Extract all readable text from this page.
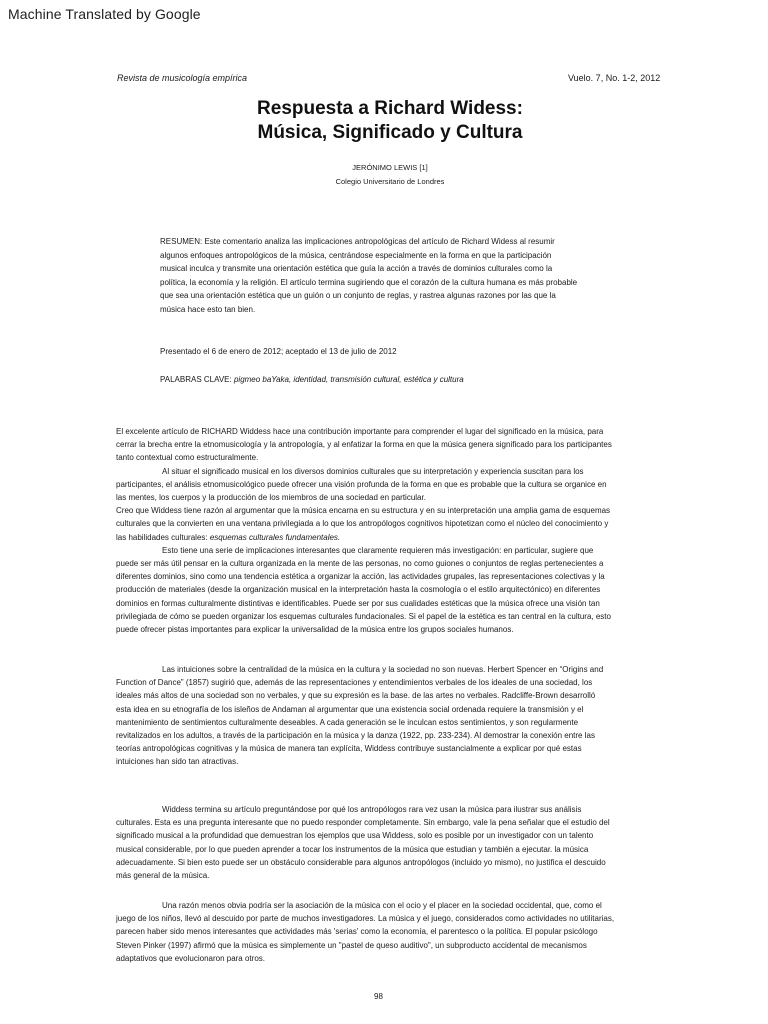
Machine Translated by Google
Revista de musicología empírica	Vuelo. 7, No. 1-2, 2012
Respuesta a Richard Widess:
Música, Significado y Cultura
JERÓNIMO LEWIS [1]
Colegio Universitario de Londres
RESUMEN: Este comentario analiza las implicaciones antropológicas del artículo de Richard Widess al resumir
algunos enfoques antropológicos de la música, centrándose especialmente en la forma en que la participación
musical inculca y transmite una orientación estética que guía la acción a través de dominios culturales como la
política, la economía y la religión. El artículo termina sugiriendo que el corazón de la cultura humana es más probable
que sea una orientación estética que un guión o un conjunto de reglas, y rastrea algunas razones por las que la
música hace esto tan bien.
Presentado el 6 de enero de 2012; aceptado el 13 de julio de 2012
PALABRAS CLAVE: pigmeo baYaka, identidad, transmisión cultural, estética y cultura
El excelente artículo de RICHARD Widdess hace una contribución importante para comprender el lugar del significado en la música, para
cerrar la brecha entre la etnomusicología y la antropología, y al enfatizar la forma en que la música genera significado para los participantes
tanto contextual como estructuralmente.
Al situar el significado musical en los diversos dominios culturales que su interpretación y experiencia suscitan para los
participantes, el análisis etnomusicológico puede ofrecer una visión profunda de la forma en que es probable que la cultura se organice en
las mentes, los cuerpos y la producción de los miembros de una sociedad en particular.
Creo que Widdess tiene razón al argumentar que la música encarna en su estructura y en su interpretación una amplia gama de esquemas
culturales que la convierten en una ventana privilegiada a lo que los antropólogos cognitivos hipotetizan como el núcleo del conocimiento y
las habilidades culturales: esquemas culturales fundamentales.
Esto tiene una serie de implicaciones interesantes que claramente requieren más investigación: en particular, sugiere que
puede ser más útil pensar en la cultura organizada en la mente de las personas, no como guiones o conjuntos de reglas pertenecientes a
diferentes dominios, sino como una tendencia estética a organizar la acción, las actividades grupales, las representaciones colectivas y la
producción de materiales (desde la organización musical en la interpretación hasta la cosmología o el estilo arquitectónico) en diferentes
dominios en formas culturalmente distintivas e identificables. Puede ser por sus cualidades estéticas que la música ofrece una visión tan
privilegiada de cómo se pueden organizar los esquemas culturales fundacionales. Si el papel de la estética es tan central en la cultura, esto
puede ofrecer pistas importantes para explicar la universalidad de la música entre los grupos sociales humanos.
Las intuiciones sobre la centralidad de la música en la cultura y la sociedad no son nuevas. Herbert Spencer en “Origins and
Function of Dance” (1857) sugirió que, además de las representaciones y entendimientos verbales de los ideales de una sociedad, los
ideales más altos de una sociedad son no verbales, y que su expresión es la base. de las artes no verbales. Radcliffe-Brown desarrolló
esta idea en su etnografía de los isleños de Andaman al argumentar que una existencia social ordenada requiere la transmisión y el
mantenimiento de sentimientos culturalmente deseables. A cada generación se le inculcan estos sentimientos, y son regularmente
revitalizados en los adultos, a través de la participación en la música y la danza (1922, pp. 233-234). Al demostrar la conexión entre las
teorías antropológicas cognitivas y la música de manera tan explícita, Widdess contribuye sustancialmente a explicar por qué estas
intuiciones han sido tan atractivas.
Widdess termina su artículo preguntándose por qué los antropólogos rara vez usan la música para ilustrar sus análisis
culturales. Esta es una pregunta interesante que no puedo responder completamente. Sin embargo, vale la pena señalar que el estudio del
significado musical a la profundidad que demuestran los ejemplos que usa Widdess, solo es posible por un investigador con un talento
musical considerable, por lo que pueden aprender a tocar los instrumentos de la música que estudian y también a ejecutar. la música
adecuadamente. Si bien esto puede ser un obstáculo considerable para algunos antropólogos (incluido yo mismo), no justifica el descuido
más general de la música.
Una razón menos obvia podría ser la asociación de la música con el ocio y el placer en la sociedad occidental, que, como el
juego de los niños, llevó al descuido por parte de muchos investigadores. La música y el juego, considerados como actividades no utilitarias,
parecen haber sido menos interesantes que actividades más 'serias' como la economía, el parentesco o la política. El popular psicólogo
Steven Pinker (1997) afirmó que la música es simplemente un "pastel de queso auditivo", un subproducto accidental de mecanismos
adaptativos que evolucionaron para otros.
98
